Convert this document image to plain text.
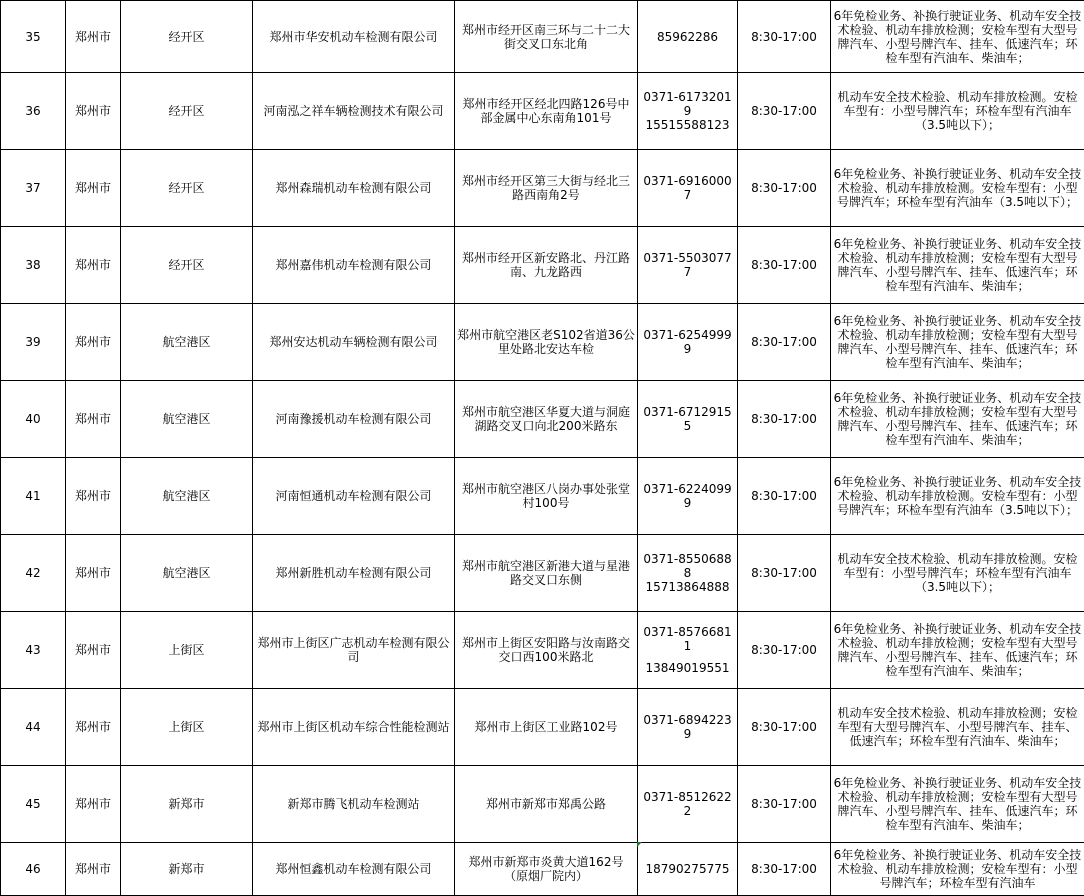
35	郑州市	经开区	郑州市华安机动车检测有限公司	郑州市经开区南三环与二十二大街交叉口东北角	85962286	8:30-17:00	6年免检业务、补换行驶证业务、机动车安全技术检验、机动车排放检测；安检车型有大型号牌汽车、小型号牌汽车、挂车、低速汽车；环检车型有汽油车、柴油车；

36	郑州市	经开区	河南泓之祥车辆检测技术有限公司	郑州市经开区经北四路126号中部金属中心东南角101号	0371-61732019
15515588123	8:30-17:00	机动车安全技术检验、机动车排放检测。安检车型有：小型号牌汽车；环检车型有汽油车（3.5吨以下）；

37	郑州市	经开区	郑州森瑞机动车检测有限公司	郑州市经开区第三大街与经北三路西南角2号	0371-69160007	8:30-17:00	6年免检业务、补换行驶证业务、机动车安全技术检验、机动车排放检测。安检车型有：小型号牌汽车；环检车型有汽油车（3.5吨以下）；

38	郑州市	经开区	郑州嘉伟机动车检测有限公司	郑州市经开区新安路北、丹江路南、九龙路西	0371-55030777	8:30-17:00	6年免检业务、补换行驶证业务、机动车安全技术检验、机动车排放检测；安检车型有大型号牌汽车、小型号牌汽车、挂车、低速汽车；环检车型有汽油车、柴油车；

39	郑州市	航空港区	郑州安达机动车辆检测有限公司	郑州市航空港区老S102省道36公里处路北安达车检	0371-62549999	8:30-17:00	6年免检业务、补换行驶证业务、机动车安全技术检验、机动车排放检测；安检车型有大型号牌汽车、小型号牌汽车、挂车、低速汽车；环检车型有汽油车、柴油车；

40	郑州市	航空港区	河南豫援机动车检测有限公司	郑州市航空港区华夏大道与洞庭湖路交叉口向北200米路东	0371-67129155	8:30-17:00	6年免检业务、补换行驶证业务、机动车安全技术检验、机动车排放检测；安检车型有大型号牌汽车、小型号牌汽车、挂车、低速汽车；环检车型有汽油车、柴油车；

41	郑州市	航空港区	河南恒通机动车检测有限公司	郑州市航空港区八岗办事处张堂村100号	0371-62240999	8:30-17:00	6年免检业务、补换行驶证业务、机动车安全技术检验、机动车排放检测。安检车型有：小型号牌汽车；环检车型有汽油车（3.5吨以下）；

42	郑州市	航空港区	郑州新胜机动车检测有限公司	郑州市航空港区新港大道与星港路交叉口东侧	0371-85506888
15713864888	8:30-17:00	机动车安全技术检验、机动车排放检测。安检车型有：小型号牌汽车；环检车型有汽油车（3.5吨以下）；

43	郑州市	上街区	郑州市上街区广志机动车检测有限公司	郑州市上街区安阳路与汝南路交交口西100米路北	0371-85766811
13849019551	8:30-17:00	6年免检业务、补换行驶证业务、机动车安全技术检验、机动车排放检测；安检车型有大型号牌汽车、小型号牌汽车、挂车、低速汽车；环检车型有汽油车、柴油车；

44	郑州市	上街区	郑州市上街区机动车综合性能检测站	郑州市上街区工业路102号	0371-68942239	8:30-17:00	机动车安全技术检验、机动车排放检测；安检车型有大型号牌汽车、小型号牌汽车、挂车、低速汽车；环检车型有汽油车、柴油车；

45	郑州市	新郑市	新郑市腾飞机动车检测站	郑州市新郑市郑禹公路	0371-85126222	8:30-17:00	6年免检业务、补换行驶证业务、机动车安全技术检验、机动车排放检测；安检车型有大型号牌汽车、小型号牌汽车、挂车、低速汽车；环检车型有汽油车、柴油车；

46	郑州市	新郑市	郑州恒鑫机动车检测有限公司	郑州市新郑市炎黄大道162号（原烟厂院内）	18790275775	8:30-17:00	6年免检业务、补换行驶证业务、机动车安全技术检验、机动车排放检测；安检车型有：小型号牌汽车；环检车型有汽油车
